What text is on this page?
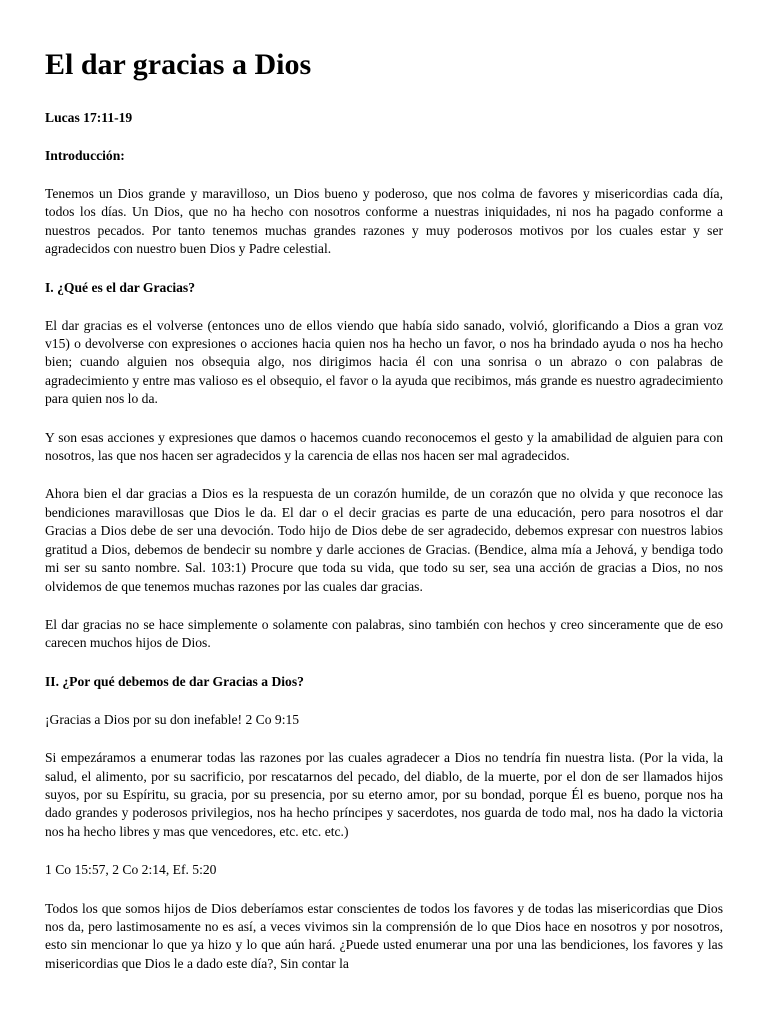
El dar gracias a Dios
Lucas 17:11-19
Introducción:

Tenemos un Dios grande y maravilloso, un Dios bueno y poderoso, que nos colma de favores y misericordias cada día, todos los días. Un Dios, que no ha hecho con nosotros conforme a nuestras iniquidades, ni nos ha pagado conforme a nuestros pecados. Por tanto tenemos muchas grandes razones y muy poderosos motivos por los cuales estar y ser agradecidos con nuestro buen Dios y Padre celestial.

I. ¿Qué es el dar Gracias?

El dar gracias es el volverse (entonces uno de ellos viendo que había sido sanado, volvió, glorificando a Dios a gran voz v15) o devolverse con expresiones o acciones hacia quien nos ha hecho un favor, o nos ha brindado ayuda o nos ha hecho bien; cuando alguien nos obsequia algo, nos dirigimos hacia él con una sonrisa o un abrazo o con palabras de agradecimiento y entre mas valioso es el obsequio, el favor o la ayuda que recibimos, más grande es nuestro agradecimiento para quien nos lo da.

Y son esas acciones y expresiones que damos o hacemos cuando reconocemos el gesto y la amabilidad de alguien para con nosotros, las que nos hacen ser agradecidos y la carencia de ellas nos hacen ser mal agradecidos.

Ahora bien el dar gracias a Dios es la respuesta de un corazón humilde, de un corazón que no olvida y que reconoce las bendiciones maravillosas que Dios le da. El dar o el decir gracias es parte de una educación, pero para nosotros el dar Gracias a Dios debe de ser una devoción. Todo hijo de Dios debe de ser agradecido, debemos expresar con nuestros labios gratitud a Dios, debemos de bendecir su nombre y darle acciones de Gracias. (Bendice, alma mía a Jehová, y bendiga todo mi ser su santo nombre. Sal. 103:1) Procure que toda su vida, que todo su ser, sea una acción de gracias a Dios, no nos olvidemos de que tenemos muchas razones por las cuales dar gracias.

El dar gracias no se hace simplemente o solamente con palabras, sino también con hechos y creo sinceramente que de eso carecen muchos hijos de Dios.

II. ¿Por qué debemos de dar Gracias a Dios?

¡Gracias a Dios por su don inefable! 2 Co 9:15

Si empezáramos a enumerar todas las razones por las cuales agradecer a Dios no tendría fin nuestra lista. (Por la vida, la salud, el alimento, por su sacrificio, por rescatarnos del pecado, del diablo, de la muerte, por el don de ser llamados hijos suyos, por su Espíritu, su gracia, por su presencia, por su eterno amor, por su bondad, porque Él es bueno, porque nos ha dado grandes y poderosos privilegios, nos ha hecho príncipes y sacerdotes, nos guarda de todo mal, nos ha dado la victoria nos ha hecho libres y mas que vencedores, etc. etc. etc.)

1 Co 15:57, 2 Co 2:14, Ef. 5:20

Todos los que somos hijos de Dios deberíamos estar conscientes de todos los favores y de todas las misericordias que Dios nos da, pero lastimosamente no es así, a veces vivimos sin la comprensión de lo que Dios hace en nosotros y por nosotros, esto sin mencionar lo que ya hizo y lo que aún hará. ¿Puede usted enumerar una por una las bendiciones, los favores y las misericordias que Dios le a dado este día?, Sin contar la
